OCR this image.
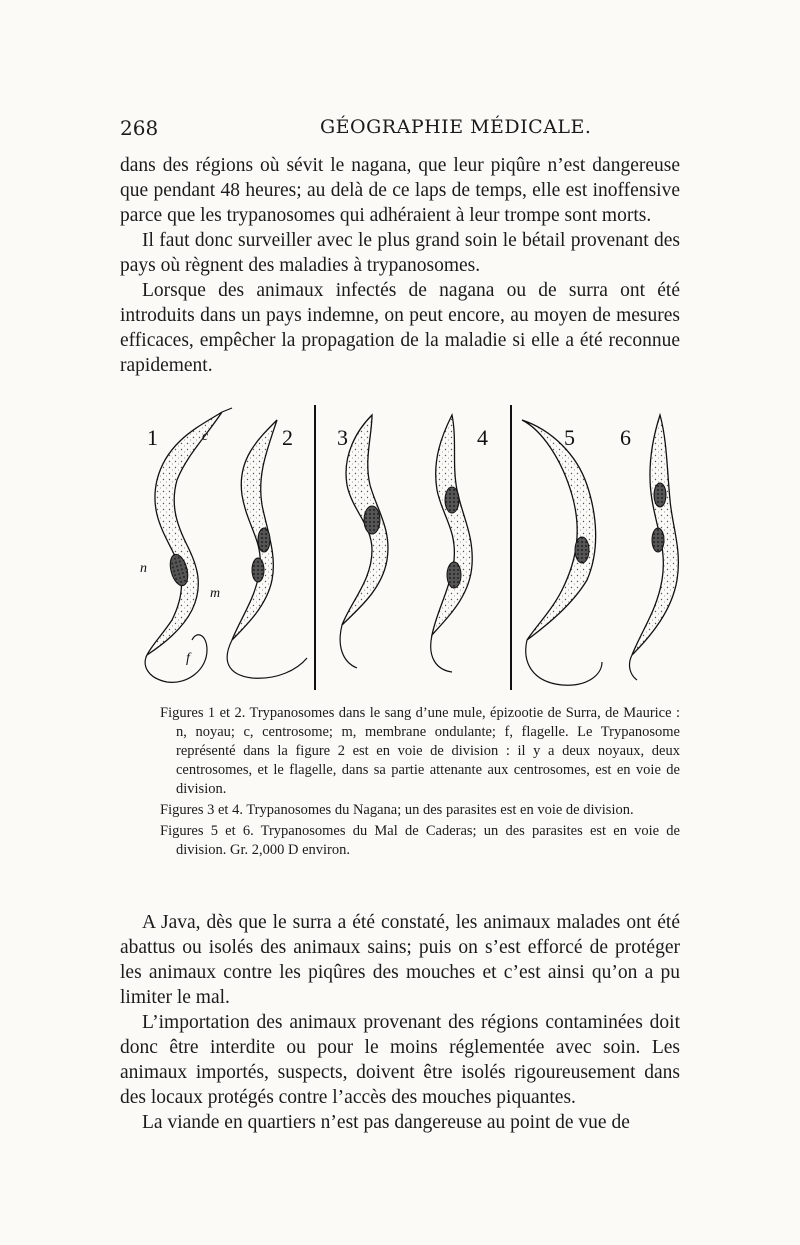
268	GÉOGRAPHIE MÉDICALE.

dans des régions où sévit le nagana, que leur piqûre n’est dangereuse que pendant 48 heures; au delà de ce laps de temps, elle est inoffensive parce que les trypanosomes qui adhéraient à leur trompe sont morts.

Il faut donc surveiller avec le plus grand soin le bétail provenant des pays où règnent des maladies à trypanosomes.

Lorsque des animaux infectés de nagana ou de surra ont été introduits dans un pays indemne, on peut encore, au moyen de mesures efficaces, empêcher la propagation de la maladie si elle a été reconnue rapidement.

1	2 3	4	5 6
c
n
m
f

Figures 1 et 2. Trypanosomes dans le sang d’une mule, épizootie de Surra, de Maurice : n, noyau; c, centrosome; m, membrane ondulante; f, flagelle. Le Trypanosome représenté dans la figure 2 est en voie de division : il y a deux noyaux, deux centrosomes, et le flagelle, dans sa partie attenante aux centrosomes, est en voie de division.

Figures 3 et 4. Trypanosomes du Nagana; un des parasites est en voie de division.

Figures 5 et 6. Trypanosomes du Mal de Caderas; un des parasites est en voie de division. Gr. 2,000 D environ.

A Java, dès que le surra a été constaté, les animaux malades ont été abattus ou isolés des animaux sains; puis on s’est efforcé de protéger les animaux contre les piqûres des mouches et c’est ainsi qu’on a pu limiter le mal.

L’importation des animaux provenant des régions contaminées doit donc être interdite ou pour le moins réglementée avec soin. Les animaux importés, suspects, doivent être isolés rigoureusement dans des locaux protégés contre l’accès des mouches piquantes.

La viande en quartiers n’est pas dangereuse au point de vue de
